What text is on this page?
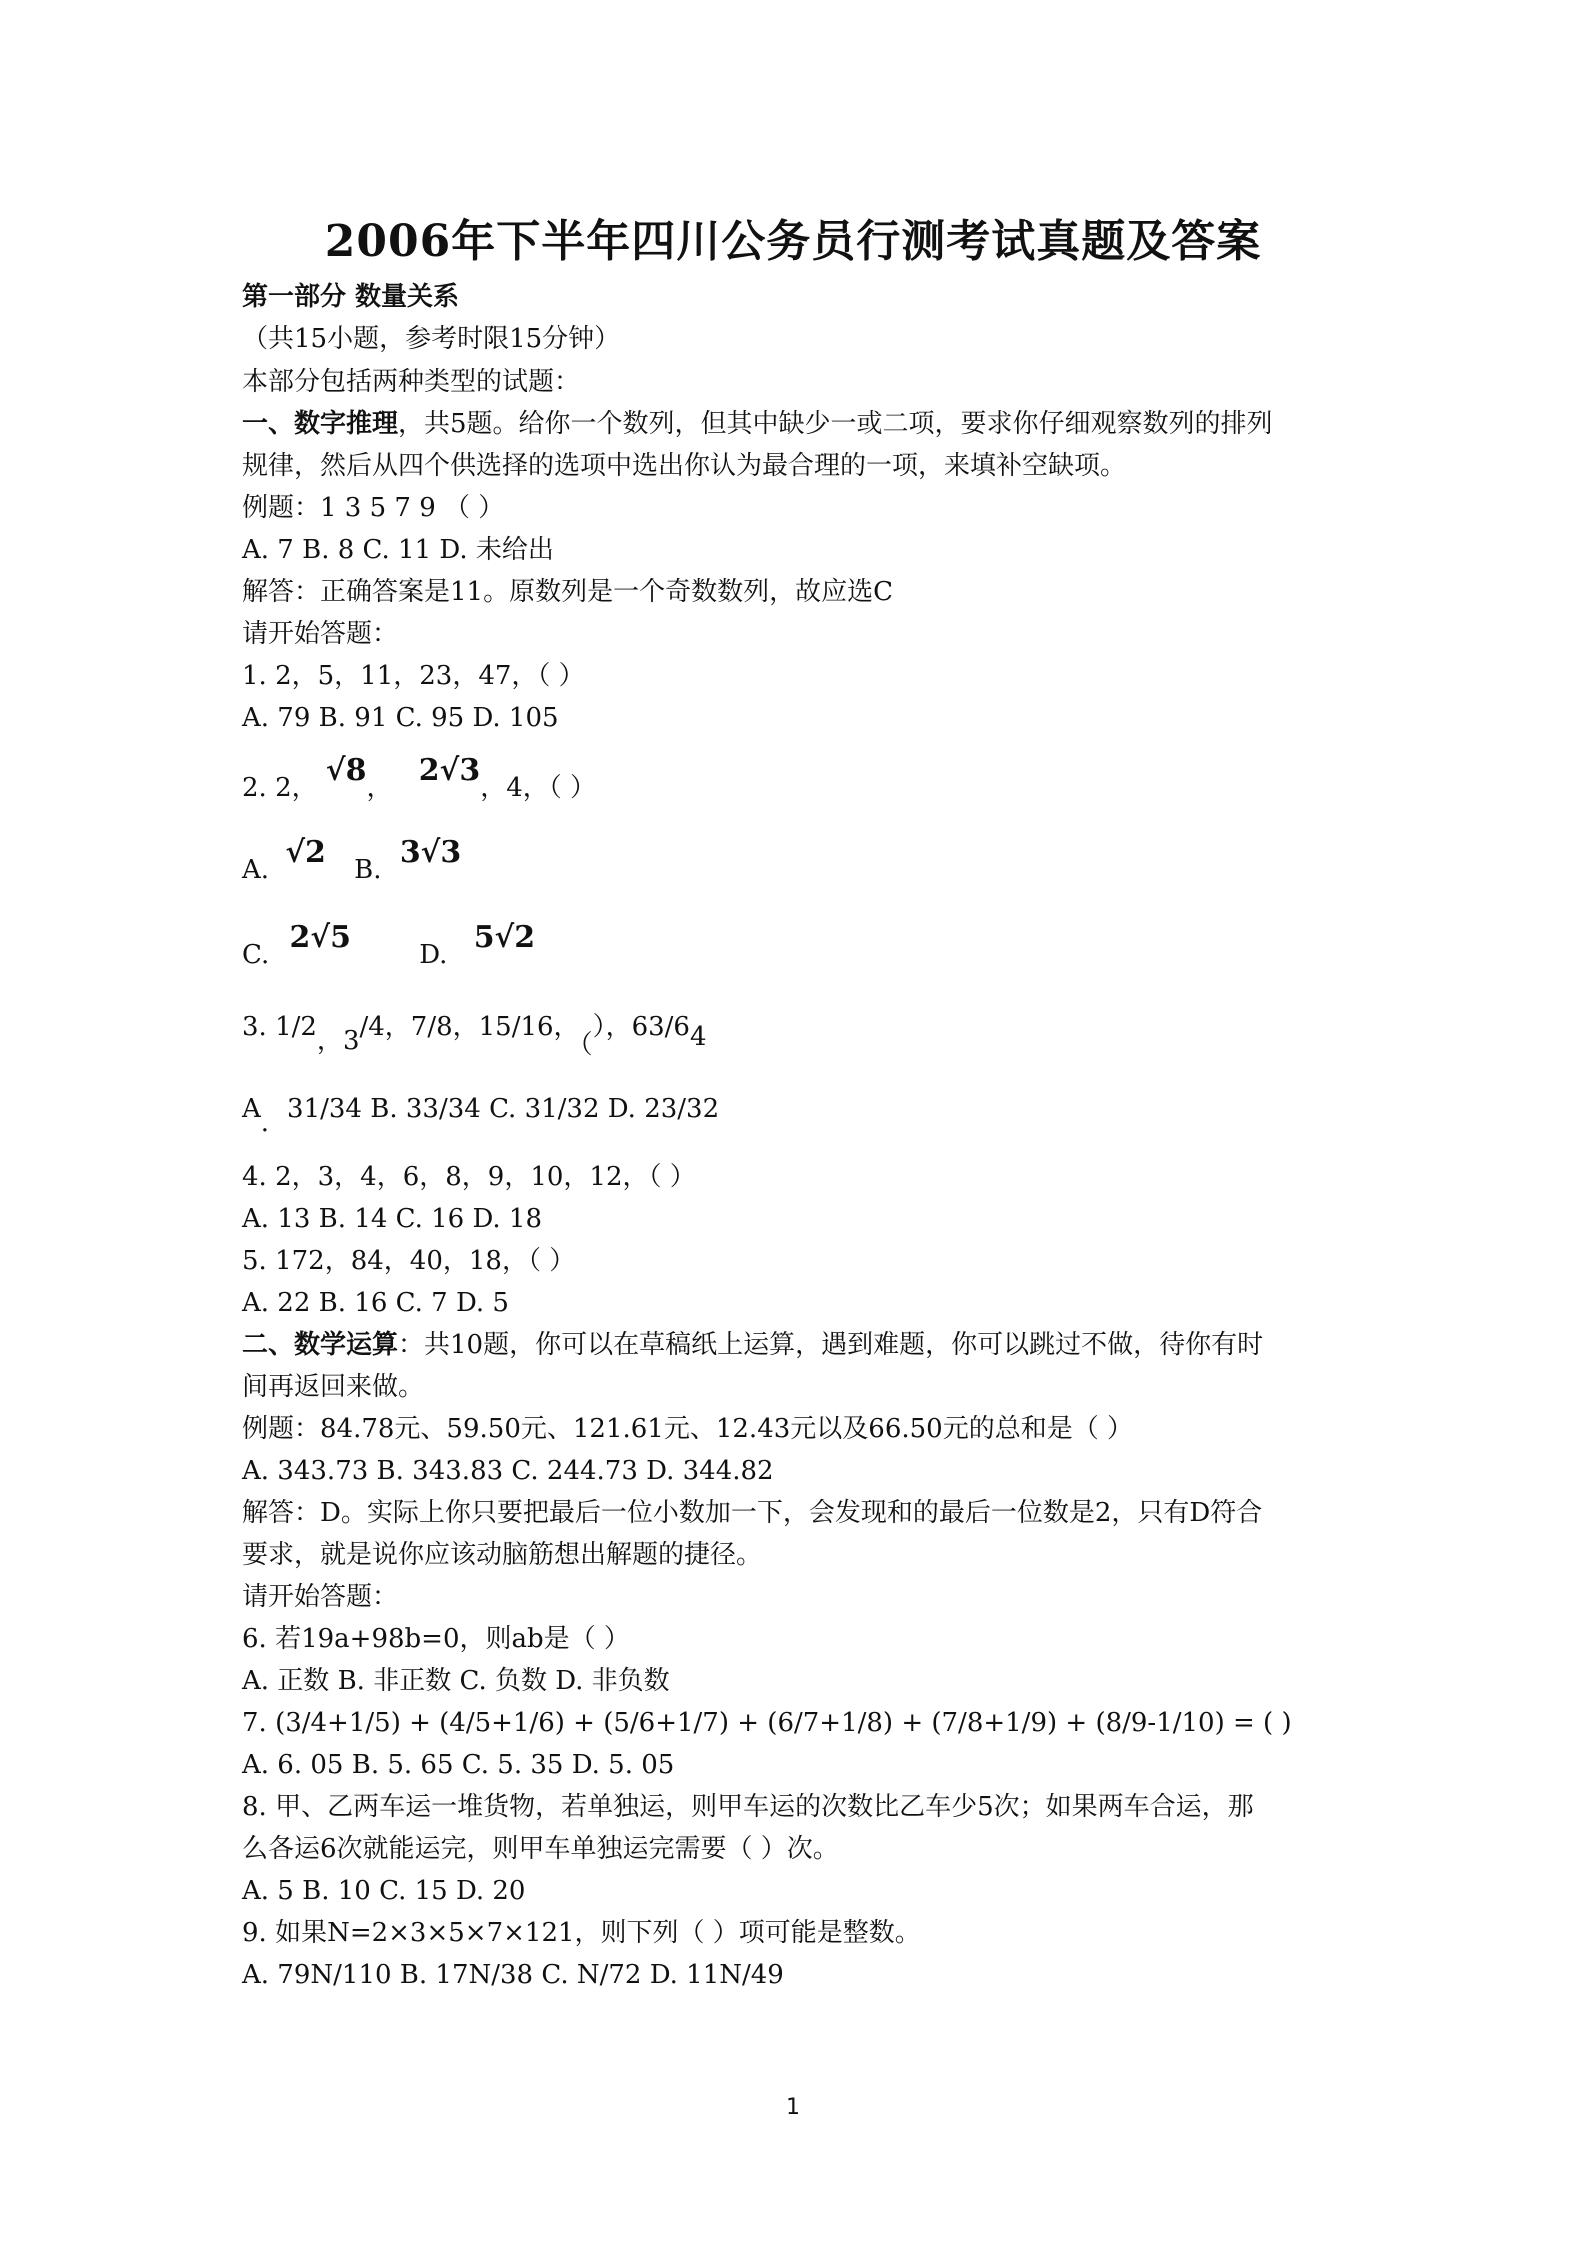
2006年下半年四川公务员行测考试真题及答案
第一部分 数量关系
（共15小题，参考时限15分钟）
本部分包括两种类型的试题：
一、数字推理，共5题。给你一个数列，但其中缺少一或二项，要求你仔细观察数列的排列
规律，然后从四个供选择的选项中选出你认为最合理的一项，来填补空缺项。
例题：1 3 5 7 9 （ ）
A. 7 B. 8 C. 11 D. 未给出
解答：正确答案是11。原数列是一个奇数数列，故应选C
请开始答题：
1. 2，5，11，23，47，（ ）
A. 79 B. 91 C. 95 D. 105
2. 2， √8， 2√3，4，（ ）
A. √2 B. 3√3
C. 2√5	D. 5√2
3. 1/2，3/4，7/8，15/16，（），63/64
A. 31/34 B. 33/34 C. 31/32 D. 23/32
4. 2，3，4，6，8，9，10，12，（ ）
A. 13 B. 14 C. 16 D. 18
5. 172，84，40，18，（ ）
A. 22 B. 16 C. 7 D. 5
二、数学运算：共10题，你可以在草稿纸上运算，遇到难题，你可以跳过不做，待你有时
间再返回来做。
例题：84.78元、59.50元、121.61元、12.43元以及66.50元的总和是（ ）
A. 343.73 B. 343.83 C. 244.73 D. 344.82
解答：D。实际上你只要把最后一位小数加一下，会发现和的最后一位数是2，只有D符合
要求，就是说你应该动脑筋想出解题的捷径。
请开始答题：
6. 若19a+98b=0，则ab是（ ）
A. 正数 B. 非正数 C. 负数 D. 非负数
7. (3/4+1/5) + (4/5+1/6) + (5/6+1/7) + (6/7+1/8) + (7/8+1/9) + (8/9-1/10) = ( )
A. 6. 05 B. 5. 65 C. 5. 35 D. 5. 05
8. 甲、乙两车运一堆货物，若单独运，则甲车运的次数比乙车少5次；如果两车合运，那
么各运6次就能运完，则甲车单独运完需要（ ）次。
A. 5 B. 10 C. 15 D. 20
9. 如果N=2×3×5×7×121，则下列（ ）项可能是整数。
A. 79N/110 B. 17N/38 C. N/72 D. 11N/49
1
